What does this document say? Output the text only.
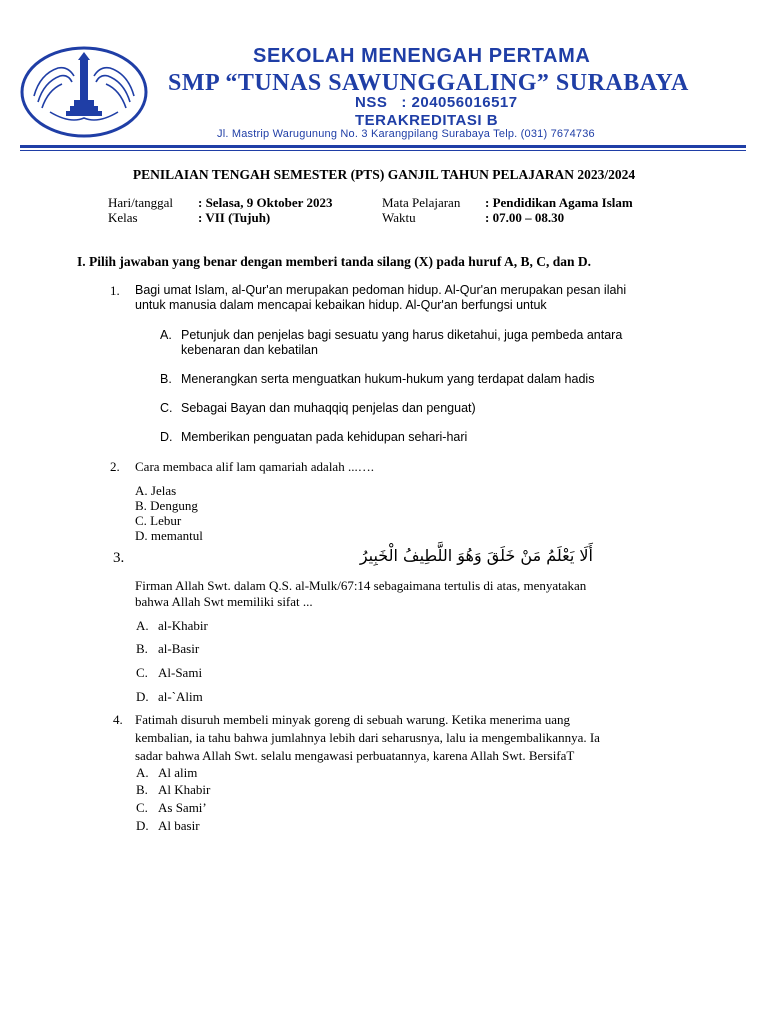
SEKOLAH MENENGAH PERTAMA
SMP “TUNAS SAWUNGGALING” SURABAYA
NSS : 204056016517
TERAKREDITASI B
Jl. Mastrip Warugunung No. 3 Karangpilang Surabaya Telp. (031) 7674736
PENILAIAN TENGAH SEMESTER (PTS) GANJIL TAHUN PELAJARAN 2023/2024
Hari/tanggal : Selasa, 9 Oktober 2023	Mata Pelajaran : Pendidikan Agama Islam
Kelas	: VII (Tujuh)	Waktu	: 07.00 – 08.30
I. Pilih jawaban yang benar dengan memberi tanda silang (X) pada huruf A, B, C, dan D.
1. Bagi umat Islam, al-Qur'an merupakan pedoman hidup. Al-Qur'an merupakan pesan ilahi
untuk manusia dalam mencapai kebaikan hidup. Al-Qur'an berfungsi untuk
A. Petunjuk dan penjelas bagi sesuatu yang harus diketahui, juga pembeda antara
kebenaran dan kebatilan
B. Menerangkan serta menguatkan hukum-hukum yang terdapat dalam hadis
C. Sebagai Bayan dan muhaqqiq penjelas dan penguat)
D. Memberikan penguatan pada kehidupan sehari-hari
2. Cara membaca alif lam qamariah adalah ...….
A. Jelas
B. Dengung
C. Lebur
D. memantul
3.	أَلَا يَعْلَمُ مَنْ خَلَقَ وَهُوَ اللَّطِيفُ الْخَبِيرُ
Firman Allah Swt. dalam Q.S. al-Mulk/67:14 sebagaimana tertulis di atas, menyatakan
bahwa Allah Swt memiliki sifat ...
A. al-Khabir
B. al-Basir
C. Al-Sami
D. al-`Alim
4. Fatimah disuruh membeli minyak goreng di sebuah warung. Ketika menerima uang
kembalian, ia tahu bahwa jumlahnya lebih dari seharusnya, lalu ia mengembalikannya. Ia
sadar bahwa Allah Swt. selalu mengawasi perbuatannya, karena Allah Swt. BersifaT
A. Al alim
B. Al Khabir
C. As Sami’
D. Al basir
